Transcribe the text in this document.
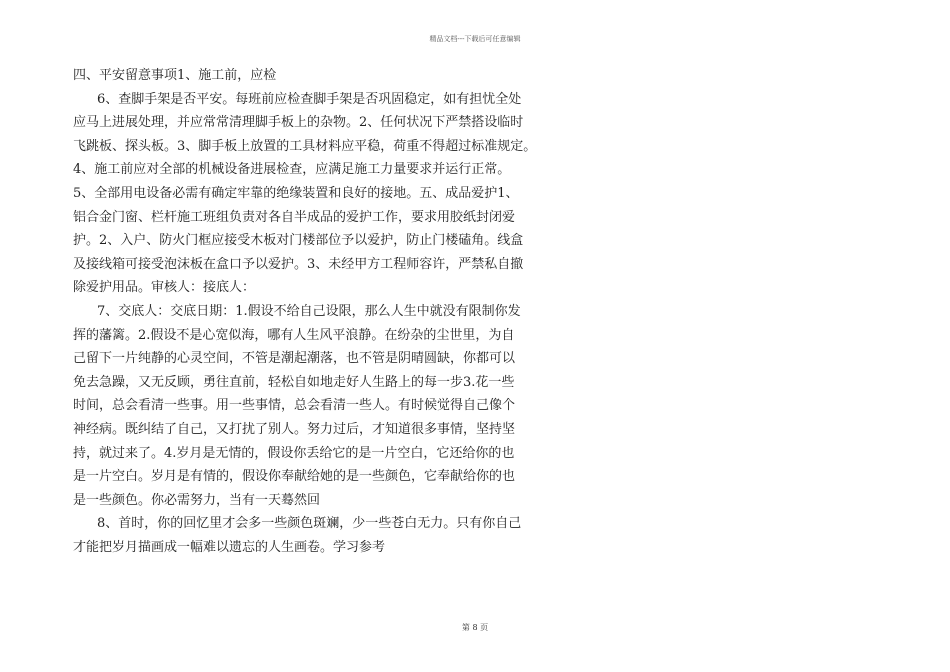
精品文档---下载后可任意编辑
四、平安留意事项1、施工前，应检
6、查脚手架是否平安。每班前应检查脚手架是否巩固稳定，如有担忧全处
应马上进展处理，并应常常清理脚手板上的杂物。2、任何状况下严禁搭设临时
飞跳板、探头板。3、脚手板上放置的工具材料应平稳，荷重不得超过标准规定。
4、施工前应对全部的机械设备进展检查，应满足施工力量要求并运行正常。
5、全部用电设备必需有确定牢靠的绝缘装置和良好的接地。五、成品爱护1、
铝合金门窗、栏杆施工班组负责对各自半成品的爱护工作，要求用胶纸封闭爱
护。2、入户、防火门框应接受木板对门楼部位予以爱护，防止门楼磕角。线盒
及接线箱可接受泡沫板在盒口予以爱护。3、未经甲方工程师容许，严禁私自撤
除爱护用品。审核人：接底人：
7、交底人：交底日期：1.假设不给自己设限，那么人生中就没有限制你发
挥的藩篱。2.假设不是心宽似海，哪有人生风平浪静。在纷杂的尘世里，为自
己留下一片纯静的心灵空间，不管是潮起潮落，也不管是阴晴圆缺，你都可以
免去急躁，又无反顾，勇往直前，轻松自如地走好人生路上的每一步3.花一些
时间，总会看清一些事。用一些事情，总会看清一些人。有时候觉得自己像个
神经病。既纠结了自己，又打扰了别人。努力过后，才知道很多事情，坚持坚
持，就过来了。4.岁月是无情的，假设你丢给它的是一片空白，它还给你的也
是一片空白。岁月是有情的，假设你奉献给她的是一些颜色，它奉献给你的也
是一些颜色。你必需努力，当有一天蓦然回
8、首时，你的回忆里才会多一些颜色斑斓，少一些苍白无力。只有你自己
才能把岁月描画成一幅难以遗忘的人生画卷。学习参考
第 8 页
